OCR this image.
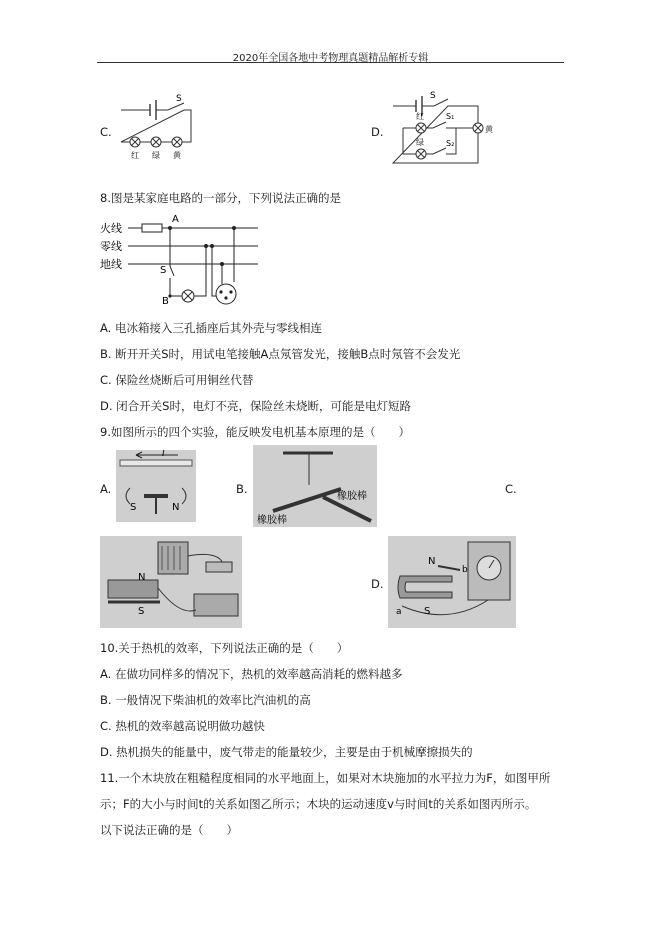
2020年全国各地中考物理真题精品解析专辑
C.
S
红 绿 黄
D.
S
S₁
S₂
红
绿
黄
8.图是某家庭电路的一部分，下列说法正确的是
火线
零线
地线
A
B
S
A. 电冰箱接入三孔插座后其外壳与零线相连
B. 断开开关S时，用试电笔接触A点氖管发光，接触B点时氖管不会发光
C. 保险丝烧断后可用铜丝代替
D. 闭合开关S时，电灯不亮，保险丝未烧断，可能是电灯短路
9.如图所示的四个实验，能反映发电机基本原理的是（　　）
A.
I
S	N
B.
橡胶棒
橡胶棒
C.
N
S
D.
N
S
a
b
10.关于热机的效率，下列说法正确的是（　　）
A. 在做功同样多的情况下，热机的效率越高消耗的燃料越多
B. 一般情况下柴油机的效率比汽油机的高
C. 热机的效率越高说明做功越快
D. 热机损失的能量中，废气带走的能量较少，主要是由于机械摩擦损失的
11.一个木块放在粗糙程度相同的水平地面上，如果对木块施加的水平拉力为F，如图甲所
示；F的大小与时间t的关系如图乙所示；木块的运动速度v与时间t的关系如图丙所示。
以下说法正确的是（　　）
